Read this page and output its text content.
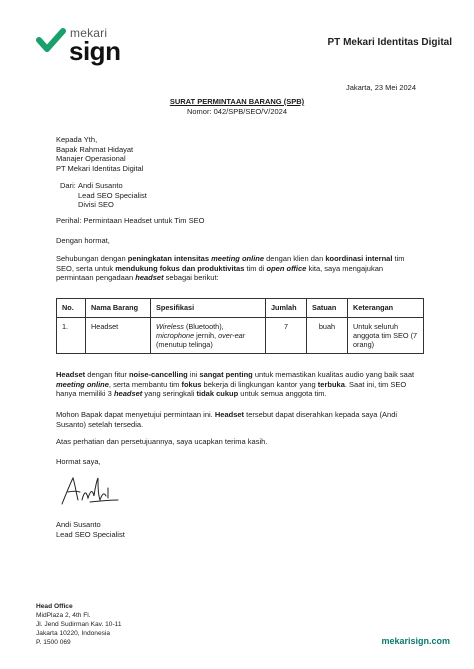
mekari
sign	PT Mekari Identitas Digital
Jakarta, 23 Mei 2024
SURAT PERMINTAAN BARANG (SPB)
Nomor: 042/SPB/SEO/V/2024
Kepada Yth,
Bapak Rahmat Hidayat
Manajer Operasional
PT Mekari Identitas Digital
Dari: Andi Susanto
Lead SEO Specialist
Divisi SEO
Perihal: Permintaan Headset untuk Tim SEO
Dengan hormat,
Sehubungan dengan peningkatan intensitas meeting online dengan klien dan koordinasi internal tim SEO, serta untuk mendukung fokus dan produktivitas tim di open office kita, saya mengajukan permintaan pengadaan headset sebagai berikut:
No.	Nama Barang	Spesifikasi	Jumlah	Satuan	Keterangan
1.	Headset	Wireless (Bluetooth),
microphone jernih, over-ear
(menutup telinga)	7	buah	Untuk seluruh anggota tim SEO (7 orang)
Headset dengan fitur noise-cancelling ini sangat penting untuk memastikan kualitas audio yang baik saat meeting online, serta membantu tim fokus bekerja di lingkungan kantor yang terbuka. Saat ini, tim SEO hanya memiliki 3 headset yang seringkali tidak cukup untuk semua anggota tim.
Mohon Bapak dapat menyetujui permintaan ini. Headset tersebut dapat diserahkan kepada saya (Andi Susanto) setelah tersedia.
Atas perhatian dan persetujuannya, saya ucapkan terima kasih.
Hormat saya,
Andi Susanto
Lead SEO Specialist
Head Office
MidPlaza 2, 4th Fl.
Jl. Jend Sudirman Kav. 10-11
Jakarta 10220, Indonesia
P. 1500 069	mekarisign.com
